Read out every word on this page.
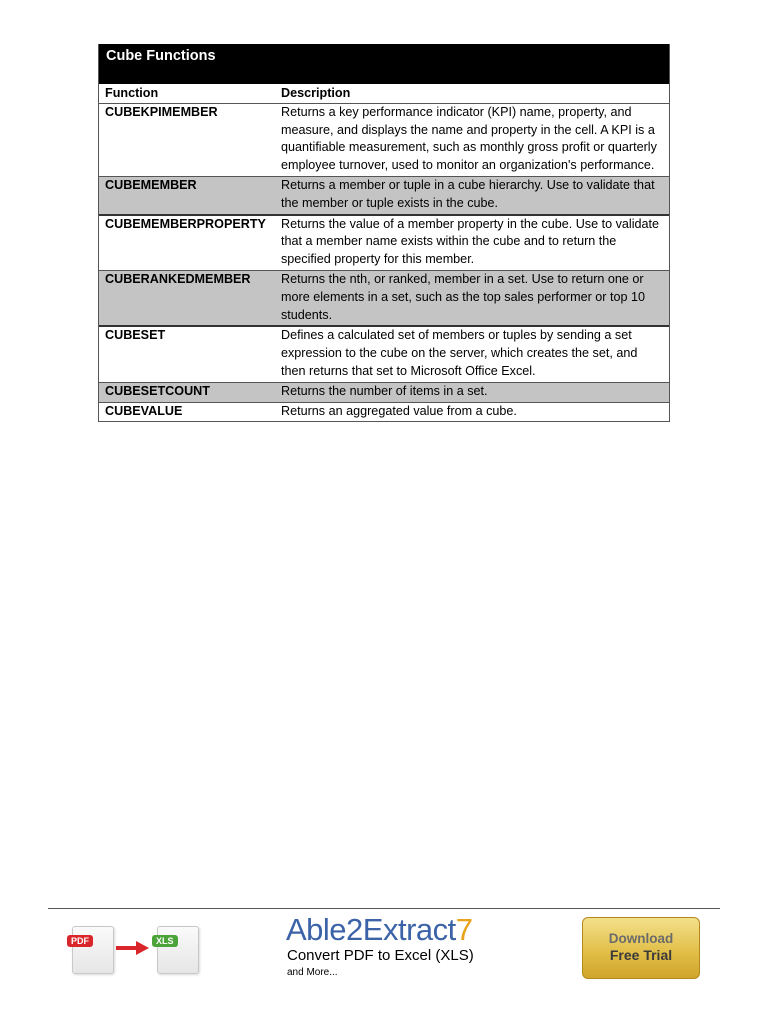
Cube Functions
Function	Description
CUBEKPIMEMBER	Returns a key performance indicator (KPI) name, property, and measure, and displays the name and property in the cell. A KPI is a quantifiable measurement, such as monthly gross profit or quarterly employee turnover, used to monitor an organization's performance.
CUBEMEMBER	Returns a member or tuple in a cube hierarchy. Use to validate that the member or tuple exists in the cube.
CUBEMEMBERPROPERTY	Returns the value of a member property in the cube. Use to validate that a member name exists within the cube and to return the specified property for this member.
CUBERANKEDMEMBER	Returns the nth, or ranked, member in a set. Use to return one or more elements in a set, such as the top sales performer or top 10 students.
CUBESET	Defines a calculated set of members or tuples by sending a set expression to the cube on the server, which creates the set, and then returns that set to Microsoft Office Excel.
CUBESETCOUNT	Returns the number of items in a set.
CUBEVALUE	Returns an aggregated value from a cube.
PDF	XLS	Able2Extract7
Convert PDF to Excel (XLS)
and More...
Download
Free Trial
